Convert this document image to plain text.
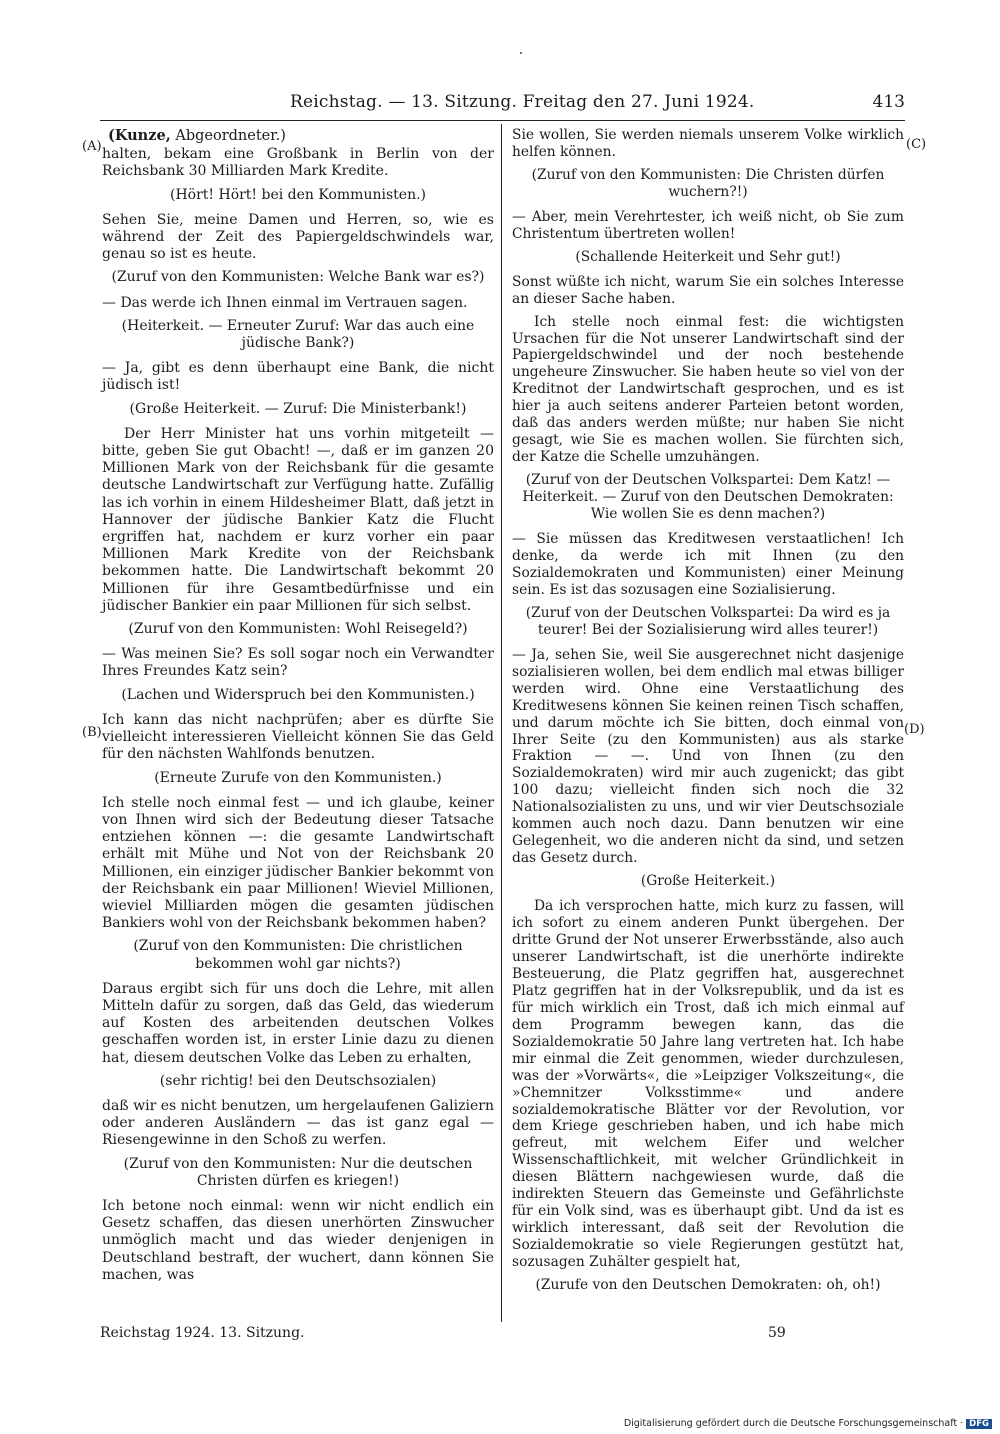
Reichstag. — 13. Sitzung. Freitag den 27. Juni 1924.	413
(A)
(B)
(C)
(D)
(Kunze, Abgeordneter.)

halten, bekam eine Großbank in Berlin von der Reichsbank 30 Milliarden Mark Kredite.

(Hört! Hört! bei den Kommunisten.)

Sehen Sie, meine Damen und Herren, so, wie es während der Zeit des Papiergeldschwindels war, genau so ist es heute.

(Zuruf von den Kommunisten: Welche Bank war es?)

— Das werde ich Ihnen einmal im Vertrauen sagen.

(Heiterkeit. — Erneuter Zuruf: War das auch eine jüdische Bank?)

— Ja, gibt es denn überhaupt eine Bank, die nicht jüdisch ist!

(Große Heiterkeit. — Zuruf: Die Ministerbank!)

Der Herr Minister hat uns vorhin mitgeteilt — bitte, geben Sie gut Obacht! —, daß er im ganzen 20 Millionen Mark von der Reichsbank für die gesamte deutsche Landwirtschaft zur Verfügung hatte. Zufällig las ich vorhin in einem Hildesheimer Blatt, daß jetzt in Hannover der jüdische Bankier Katz die Flucht ergriffen hat, nachdem er kurz vorher ein paar Millionen Mark Kredite von der Reichsbank bekommen hatte. Die Landwirtschaft bekommt 20 Millionen für ihre Gesamtbedürfnisse und ein jüdischer Bankier ein paar Millionen für sich selbst.

(Zuruf von den Kommunisten: Wohl Reisegeld?)

— Was meinen Sie? Es soll sogar noch ein Verwandter Ihres Freundes Katz sein?

(Lachen und Widerspruch bei den Kommunisten.)

Ich kann das nicht nachprüfen; aber es dürfte Sie vielleicht interessieren Vielleicht können Sie das Geld für den nächsten Wahlfonds benutzen.

(Erneute Zurufe von den Kommunisten.)

Ich stelle noch einmal fest — und ich glaube, keiner von Ihnen wird sich der Bedeutung dieser Tatsache entziehen können —: die gesamte Landwirtschaft erhält mit Mühe und Not von der Reichsbank 20 Millionen, ein einziger jüdischer Bankier bekommt von der Reichsbank ein paar Millionen! Wieviel Millionen, wieviel Milliarden mögen die gesamten jüdischen Bankiers wohl von der Reichsbank bekommen haben?

(Zuruf von den Kommunisten: Die christlichen bekommen wohl gar nichts?)

Daraus ergibt sich für uns doch die Lehre, mit allen Mitteln dafür zu sorgen, daß das Geld, das wiederum auf Kosten des arbeitenden deutschen Volkes geschaffen worden ist, in erster Linie dazu zu dienen hat, diesem deutschen Volke das Leben zu erhalten,

(sehr richtig! bei den Deutschsozialen)

daß wir es nicht benutzen, um hergelaufenen Galiziern oder anderen Ausländern — das ist ganz egal — Riesengewinne in den Schoß zu werfen.

(Zuruf von den Kommunisten: Nur die deutschen Christen dürfen es kriegen!)

Ich betone noch einmal: wenn wir nicht endlich ein Gesetz schaffen, das diesen unerhörten Zinswucher unmöglich macht und das wieder denjenigen in Deutschland bestraft, der wuchert, dann können Sie machen, was

Sie wollen, Sie werden niemals unserem Volke wirklich helfen können.

(Zuruf von den Kommunisten: Die Christen dürfen wuchern?!)

— Aber, mein Verehrtester, ich weiß nicht, ob Sie zum Christentum übertreten wollen!

(Schallende Heiterkeit und Sehr gut!)

Sonst wüßte ich nicht, warum Sie ein solches Interesse an dieser Sache haben.

Ich stelle noch einmal fest: die wichtigsten Ursachen für die Not unserer Landwirtschaft sind der Papiergeldschwindel und der noch bestehende ungeheure Zinswucher. Sie haben heute so viel von der Kreditnot der Landwirtschaft gesprochen, und es ist hier ja auch seitens anderer Parteien betont worden, daß das anders werden müßte; nur haben Sie nicht gesagt, wie Sie es machen wollen. Sie fürchten sich, der Katze die Schelle umzuhängen.

(Zuruf von der Deutschen Volkspartei: Dem Katz! — Heiterkeit. — Zuruf von den Deutschen Demokraten: Wie wollen Sie es denn machen?)

— Sie müssen das Kreditwesen verstaatlichen! Ich denke, da werde ich mit Ihnen (zu den Sozialdemokraten und Kommunisten) einer Meinung sein. Es ist das sozusagen eine Sozialisierung.

(Zuruf von der Deutschen Volkspartei: Da wird es ja teurer! Bei der Sozialisierung wird alles teurer!)

— Ja, sehen Sie, weil Sie ausgerechnet nicht dasjenige sozialisieren wollen, bei dem endlich mal etwas billiger werden wird. Ohne eine Verstaatlichung des Kreditwesens können Sie keinen reinen Tisch schaffen, und darum möchte ich Sie bitten, doch einmal von Ihrer Seite (zu den Kommunisten) aus als starke Fraktion — —. Und von Ihnen (zu den Sozialdemokraten) wird mir auch zugenickt; das gibt 100 dazu; vielleicht finden sich noch die 32 Nationalsozialisten zu uns, und wir vier Deutschsoziale kommen auch noch dazu. Dann benutzen wir eine Gelegenheit, wo die anderen nicht da sind, und setzen das Gesetz durch.

(Große Heiterkeit.)

Da ich versprochen hatte, mich kurz zu fassen, will ich sofort zu einem anderen Punkt übergehen. Der dritte Grund der Not unserer Erwerbsstände, also auch unserer Landwirtschaft, ist die unerhörte indirekte Besteuerung, die Platz gegriffen hat, ausgerechnet Platz gegriffen hat in der Volksrepublik, und da ist es für mich wirklich ein Trost, daß ich mich einmal auf dem Programm bewegen kann, das die Sozialdemokratie 50 Jahre lang vertreten hat. Ich habe mir einmal die Zeit genommen, wieder durchzulesen, was der »Vorwärts«, die »Leipziger Volkszeitung«, die »Chemnitzer Volksstimme« und andere sozialdemokratische Blätter vor der Revolution, vor dem Kriege geschrieben haben, und ich habe mich gefreut, mit welchem Eifer und welcher Wissenschaftlichkeit, mit welcher Gründlichkeit in diesen Blättern nachgewiesen wurde, daß die indirekten Steuern das Gemeinste und Gefährlichste für ein Volk sind, was es überhaupt gibt. Und da ist es wirklich interessant, daß seit der Revolution die Sozialdemokratie so viele Regierungen gestützt hat, sozusagen Zuhälter gespielt hat,

(Zurufe von den Deutschen Demokraten: oh, oh!)

Reichstag 1924. 13. Sitzung.	59
Digitalisierung gefördert durch die Deutsche Forschungsgemeinschaft · DFG
